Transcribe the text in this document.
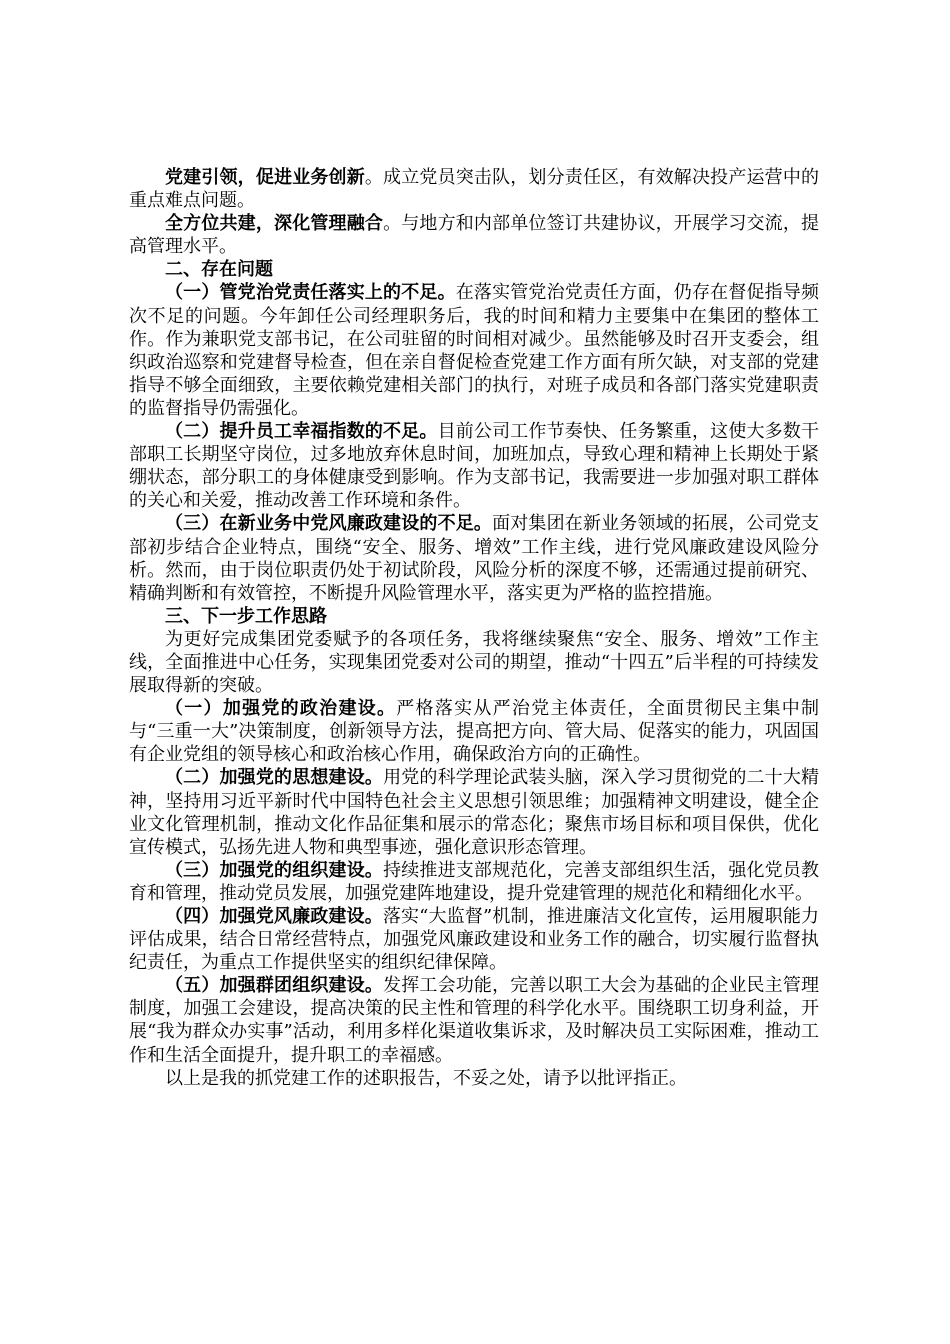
党建引领，促进业务创新。成立党员突击队，划分责任区，有效解决投产运营中的重点难点问题。

全方位共建，深化管理融合。与地方和内部单位签订共建协议，开展学习交流，提高管理水平。

二、存在问题

（一）管党治党责任落实上的不足。在落实管党治党责任方面，仍存在督促指导频次不足的问题。今年卸任公司经理职务后，我的时间和精力主要集中在集团的整体工作。作为兼职党支部书记，在公司驻留的时间相对减少。虽然能够及时召开支委会，组织政治巡察和党建督导检查，但在亲自督促检查党建工作方面有所欠缺，对支部的党建指导不够全面细致，主要依赖党建相关部门的执行，对班子成员和各部门落实党建职责的监督指导仍需强化。

（二）提升员工幸福指数的不足。目前公司工作节奏快、任务繁重，这使大多数干部职工长期坚守岗位，过多地放弃休息时间，加班加点，导致心理和精神上长期处于紧绷状态，部分职工的身体健康受到影响。作为支部书记，我需要进一步加强对职工群体的关心和关爱，推动改善工作环境和条件。

（三）在新业务中党风廉政建设的不足。面对集团在新业务领域的拓展，公司党支部初步结合企业特点，围绕“安全、服务、增效”工作主线，进行党风廉政建设风险分析。然而，由于岗位职责仍处于初试阶段，风险分析的深度不够，还需通过提前研究、精确判断和有效管控，不断提升风险管理水平，落实更为严格的监控措施。

三、下一步工作思路

为更好完成集团党委赋予的各项任务，我将继续聚焦“安全、服务、增效”工作主线，全面推进中心任务，实现集团党委对公司的期望，推动“十四五”后半程的可持续发展取得新的突破。

（一）加强党的政治建设。严格落实从严治党主体责任，全面贯彻民主集中制与“三重一大”决策制度，创新领导方法，提高把方向、管大局、促落实的能力，巩固国有企业党组的领导核心和政治核心作用，确保政治方向的正确性。

（二）加强党的思想建设。用党的科学理论武装头脑，深入学习贯彻党的二十大精神，坚持用习近平新时代中国特色社会主义思想引领思维；加强精神文明建设，健全企业文化管理机制，推动文化作品征集和展示的常态化；聚焦市场目标和项目保供，优化宣传模式，弘扬先进人物和典型事迹，强化意识形态管理。

（三）加强党的组织建设。持续推进支部规范化，完善支部组织生活，强化党员教育和管理，推动党员发展，加强党建阵地建设，提升党建管理的规范化和精细化水平。

（四）加强党风廉政建设。落实“大监督”机制，推进廉洁文化宣传，运用履职能力评估成果，结合日常经营特点，加强党风廉政建设和业务工作的融合，切实履行监督执纪责任，为重点工作提供坚实的组织纪律保障。

（五）加强群团组织建设。发挥工会功能，完善以职工大会为基础的企业民主管理制度，加强工会建设，提高决策的民主性和管理的科学化水平。围绕职工切身利益，开展“我为群众办实事”活动，利用多样化渠道收集诉求，及时解决员工实际困难，推动工作和生活全面提升，提升职工的幸福感。

以上是我的抓党建工作的述职报告，不妥之处，请予以批评指正。
